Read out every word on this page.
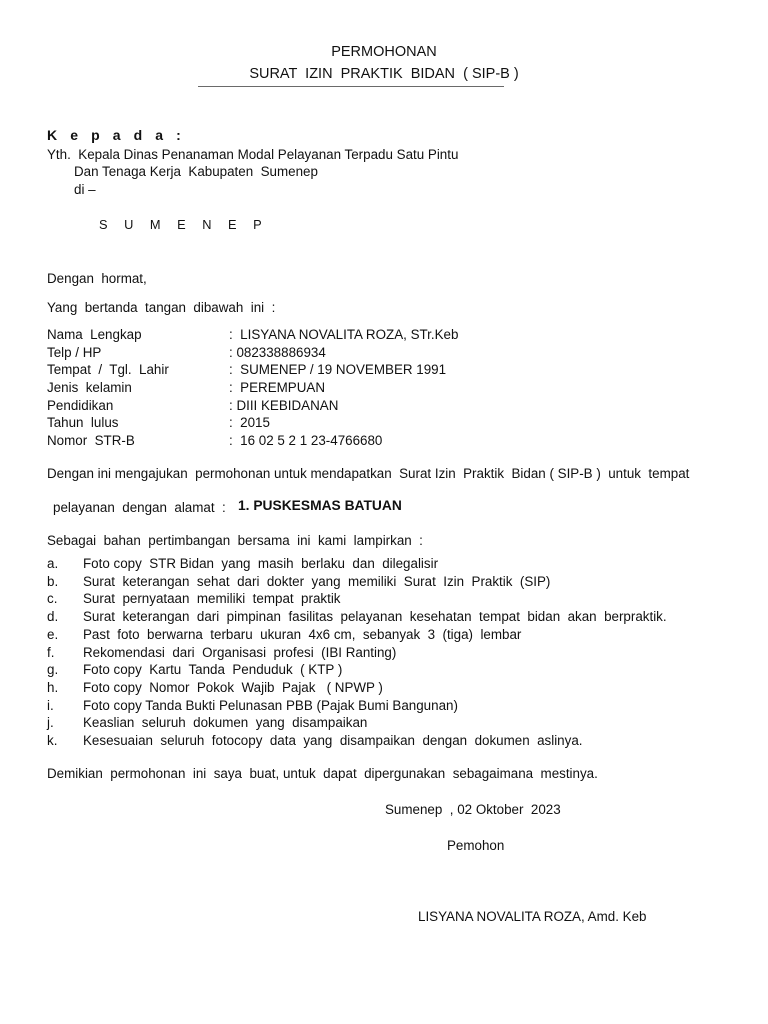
PERMOHONAN
SURAT  IZIN  PRAKTIK  BIDAN  ( SIP-B )
K e p a d a :
Yth.  Kepala Dinas Penanaman Modal Pelayanan Terpadu Satu Pintu
Dan Tenaga Kerja  Kabupaten  Sumenep
di –
S U M E N E P
Dengan  hormat,
Yang  bertanda  tangan  dibawah  ini  :
Nama  Lengkap	:  LISYANA NOVALITA ROZA, STr.Keb
Telp / HP	: 082338886934
Tempat  /  Tgl.  Lahir	:  SUMENEP / 19 NOVEMBER 1991
Jenis  kelamin	:  PEREMPUAN
Pendidikan	: DIII KEBIDANAN
Tahun  lulus	:  2015
Nomor  STR-B	:  16 02 5 2 1 23-4766680
Dengan ini mengajukan  permohonan untuk mendapatkan  Surat Izin  Praktik  Bidan ( SIP-B )  untuk  tempat
pelayanan  dengan  alamat  : 1. PUSKESMAS BATUAN
Sebagai  bahan  pertimbangan  bersama  ini  kami  lampirkan  :
a. Foto copy  STR Bidan  yang  masih  berlaku  dan  dilegalisir
b. Surat  keterangan  sehat  dari  dokter  yang  memiliki  Surat  Izin  Praktik  (SIP)
c. Surat  pernyataan  memiliki  tempat  praktik
d. Surat  keterangan  dari  pimpinan  fasilitas  pelayanan  kesehatan  tempat  bidan  akan  berpraktik.
e. Past  foto  berwarna  terbaru  ukuran  4x6 cm,  sebanyak  3  (tiga)  lembar
f. Rekomendasi  dari  Organisasi  profesi  (IBI Ranting)
g. Foto copy  Kartu  Tanda  Penduduk  ( KTP )
h. Foto copy  Nomor  Pokok  Wajib  Pajak   ( NPWP )
i. Foto copy Tanda Bukti Pelunasan PBB (Pajak Bumi Bangunan)
j. Keaslian  seluruh  dokumen  yang  disampaikan
k. Kesesuaian  seluruh  fotocopy  data  yang  disampaikan  dengan  dokumen  aslinya.
Demikian  permohonan  ini  saya  buat, untuk  dapat  dipergunakan  sebagaimana  mestinya.
Sumenep  , 02 Oktober  2023
Pemohon
LISYANA NOVALITA ROZA, Amd. Keb
